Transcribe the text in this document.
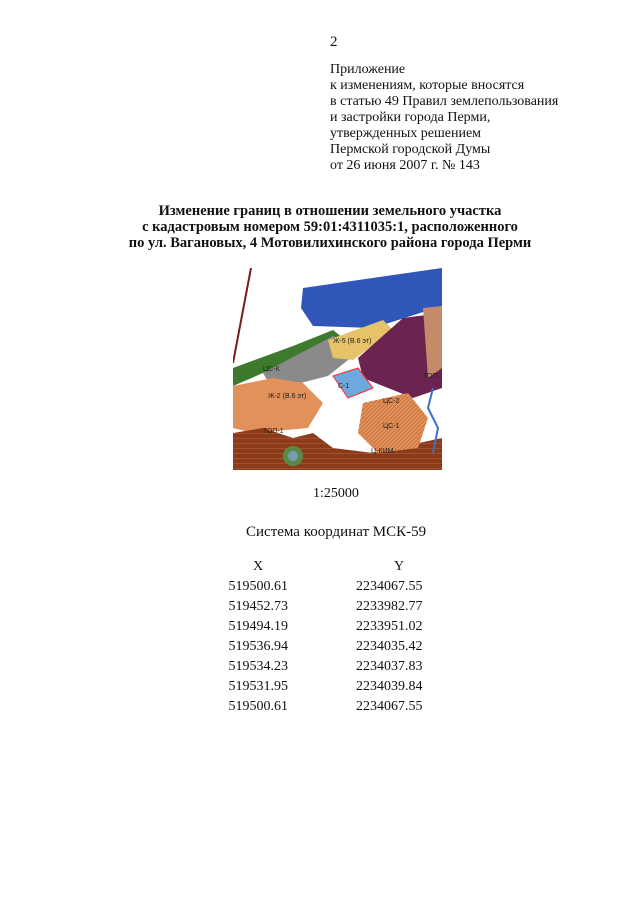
2
Приложение
к изменениям, которые вносятся
в статью 49 Правил землепользования
и застройки города Перми,
утвержденных решением
Пермской городской Думы
от 26 июня 2007 г. № 143
Изменение границ в отношении земельного участка
с кадастровым номером 59:01:4311035:1, расположенного
по ул. Вагановых, 4 Мотовилихинского района города Перми
ЦС-К
Ж-2 (В.6 эт)
С-1
ЦС-2
ЦС-1
ТОП
Ц-КИМ
ТОП-1
Ж-5 (В.6 эт)
1:25000
Система координат МСК-59
X	Y
519500.61	2234067.55
519452.73	2233982.77
519494.19	2233951.02
519536.94	2234035.42
519534.23	2234037.83
519531.95	2234039.84
519500.61	2234067.55
